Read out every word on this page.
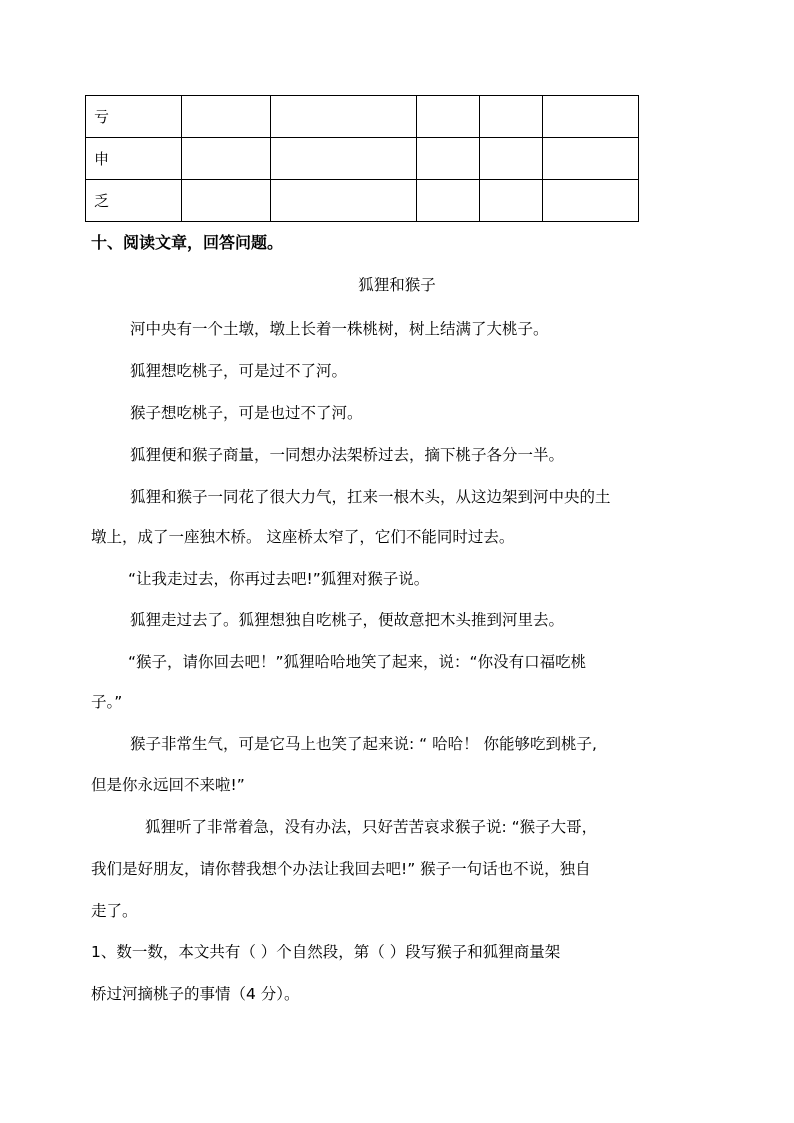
亏					
申					
乏					
十、阅读文章，回答问题。
狐狸和猴子
河中央有一个土墩，墩上长着一株桃树，树上结满了大桃子。
狐狸想吃桃子，可是过不了河。
猴子想吃桃子，可是也过不了河。
狐狸便和猴子商量，一同想办法架桥过去，摘下桃子各分一半。
狐狸和猴子一同花了很大力气，扛来一根木头，从这边架到河中央的土
墩上，成了一座独木桥。 这座桥太窄了，它们不能同时过去。
“让我走过去，你再过去吧!”狐狸对猴子说。
狐狸走过去了。狐狸想独自吃桃子，便故意把木头推到河里去。
“猴子，请你回去吧！”狐狸哈哈地笑了起来，说：“你没有口福吃桃
子。”
猴子非常生气，可是它马上也笑了起来说: “ 哈哈！ 你能够吃到桃子,
但是你永远回不来啦!”
狐狸听了非常着急，没有办法，只好苦苦哀求猴子说: “猴子大哥，
我们是好朋友，请你替我想个办法让我回去吧!” 猴子一句话也不说，独自
走了。
1、数一数，本文共有（ ）个自然段，第（ ）段写猴子和狐狸商量架
桥过河摘桃子的事情（4 分）。
